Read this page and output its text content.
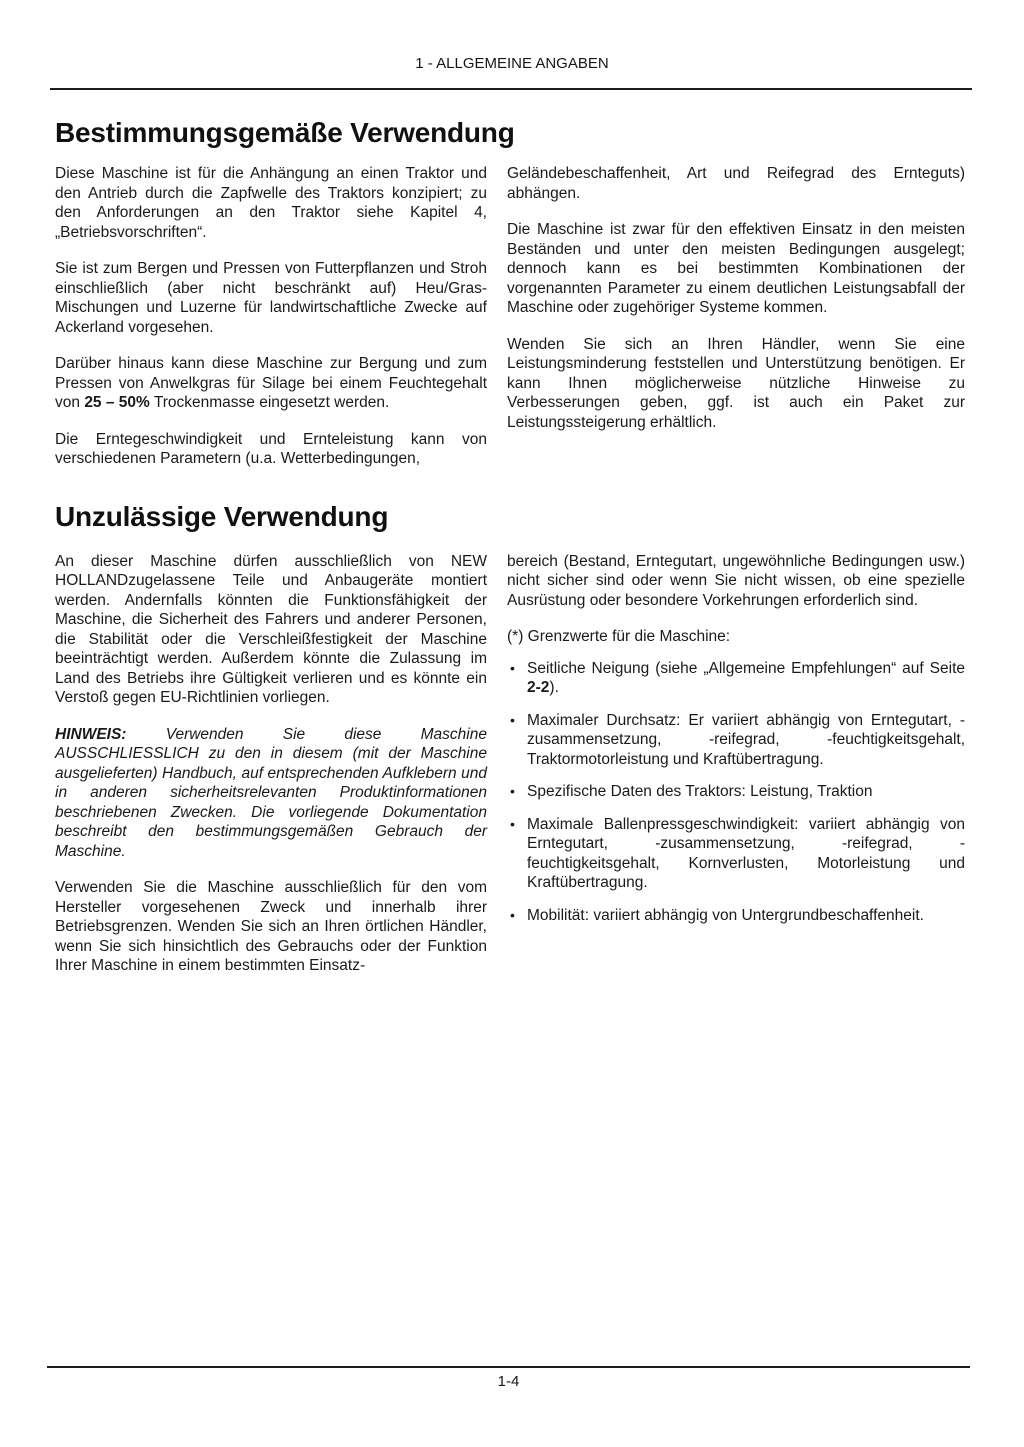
1 - ALLGEMEINE ANGABEN
Bestimmungsgemäße Verwendung

Diese Maschine ist für die Anhängung an einen Traktor und den Antrieb durch die Zapfwelle des Traktors konzipiert; zu den Anforderungen an den Traktor siehe Kapitel 4, „Betriebsvorschriften“.

Sie ist zum Bergen und Pressen von Futterpflanzen und Stroh einschließlich (aber nicht beschränkt auf) Heu/Gras-Mischungen und Luzerne für landwirtschaftliche Zwecke auf Ackerland vorgesehen.

Darüber hinaus kann diese Maschine zur Bergung und zum Pressen von Anwelkgras für Silage bei einem Feuchtegehalt von 25 – 50% Trockenmasse eingesetzt werden.

Die Erntegeschwindigkeit und Ernteleistung kann von verschiedenen Parametern (u.a. Wetterbedingungen,

Geländebeschaffenheit, Art und Reifegrad des Ernteguts) abhängen.

Die Maschine ist zwar für den effektiven Einsatz in den meisten Beständen und unter den meisten Bedingungen ausgelegt; dennoch kann es bei bestimmten Kombinationen der vorgenannten Parameter zu einem deutlichen Leistungsabfall der Maschine oder zugehöriger Systeme kommen.

Wenden Sie sich an Ihren Händler, wenn Sie eine Leistungsminderung feststellen und Unterstützung benötigen. Er kann Ihnen möglicherweise nützliche Hinweise zu Verbesserungen geben, ggf. ist auch ein Paket zur Leistungssteigerung erhältlich.

Unzulässige Verwendung

An dieser Maschine dürfen ausschließlich von NEW HOLLANDzugelassene Teile und Anbaugeräte montiert werden. Andernfalls könnten die Funktionsfähigkeit der Maschine, die Sicherheit des Fahrers und anderer Personen, die Stabilität oder die Verschleißfestigkeit der Maschine beeinträchtigt werden. Außerdem könnte die Zulassung im Land des Betriebs ihre Gültigkeit verlieren und es könnte ein Verstoß gegen EU-Richtlinien vorliegen.

HINWEIS: Verwenden Sie diese Maschine AUSSCHLIESSLICH zu den in diesem (mit der Maschine ausgelieferten) Handbuch, auf entsprechenden Aufklebern und in anderen sicherheitsrelevanten Produktinformationen beschriebenen Zwecken. Die vorliegende Dokumentation beschreibt den bestimmungsgemäßen Gebrauch der Maschine.

Verwenden Sie die Maschine ausschließlich für den vom Hersteller vorgesehenen Zweck und innerhalb ihrer Betriebsgrenzen. Wenden Sie sich an Ihren örtlichen Händler, wenn Sie sich hinsichtlich des Gebrauchs oder der Funktion Ihrer Maschine in einem bestimmten Einsatz-

bereich (Bestand, Erntegutart, ungewöhnliche Bedingungen usw.) nicht sicher sind oder wenn Sie nicht wissen, ob eine spezielle Ausrüstung oder besondere Vorkehrungen erforderlich sind.

(*) Grenzwerte für die Maschine:

• Seitliche Neigung (siehe „Allgemeine Empfehlungen“ auf Seite 2-2).
• Maximaler Durchsatz: Er variiert abhängig von Erntegutart, -zusammensetzung, -reifegrad, -feuchtigkeitsgehalt, Traktormotorleistung und Kraftübertragung.
• Spezifische Daten des Traktors: Leistung, Traktion
• Maximale Ballenpressgeschwindigkeit: variiert abhängig von Erntegutart, -zusammensetzung, -reifegrad, -feuchtigkeitsgehalt, Kornverlusten, Motorleistung und Kraftübertragung.
• Mobilität: variiert abhängig von Untergrundbeschaffenheit.
1-4
